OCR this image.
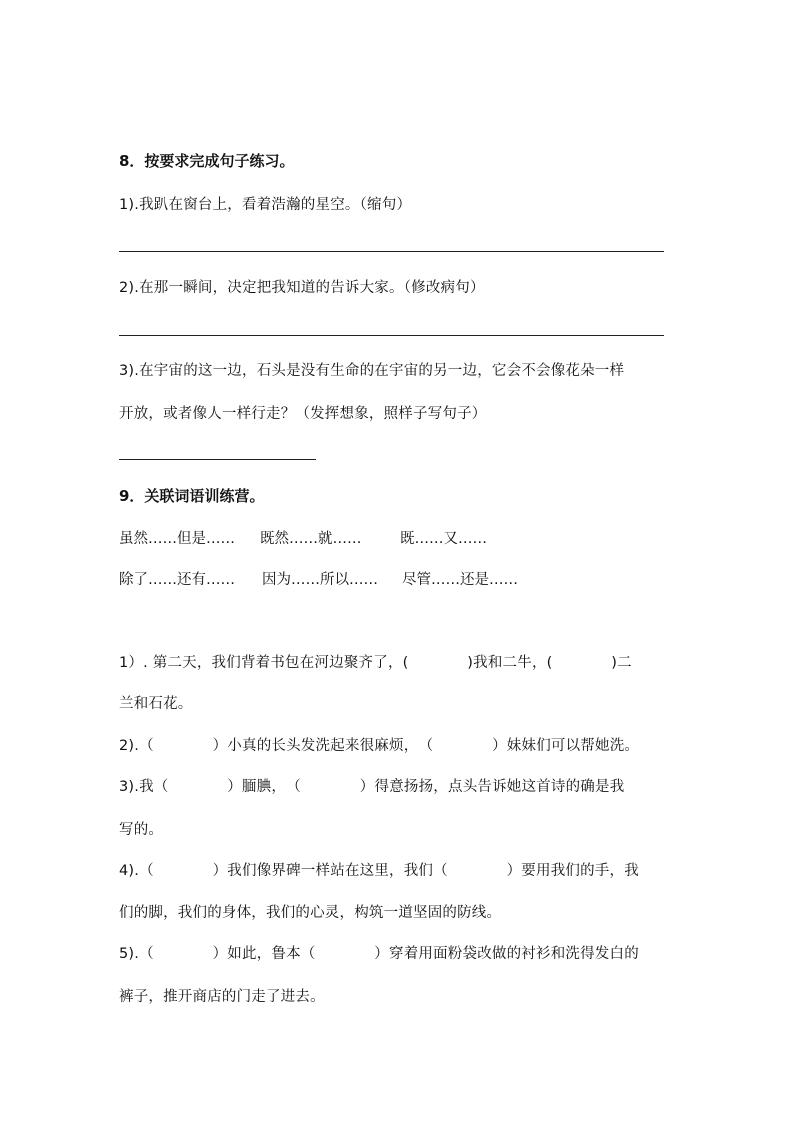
8．按要求完成句子练习。
1).我趴在窗台上，看着浩瀚的星空。（缩句）
2).在那一瞬间，决定把我知道的告诉大家。（修改病句）
3).在宇宙的这一边，石头是没有生命的在宇宙的另一边，它会不会像花朵一样
开放，或者像人一样行走？（发挥想象，照样子写句子）
9．关联词语训练营。
虽然……但是…… 既然……就……	既……又……
除了……还有…… 因为……所以…… 尽管……还是……
1）. 第二天，我们背着书包在河边聚齐了，(　　　　)我和二牛，(　　　　)二
兰和石花。
2).（　　　　）小真的长头发洗起来很麻烦，　（　　　　）妹妹们可以帮她洗。
3).我（　　　　）腼腆，　（　　　　）得意扬扬，点头告诉她这首诗的确是我
写的。
4).（　　　　）我们像界碑一样站在这里，我们（　　　　）要用我们的手，我
们的脚，我们的身体，我们的心灵，构筑一道坚固的防线。
5).（　　　　）如此，鲁本（　　　　）穿着用面粉袋改做的衬衫和洗得发白的
裤子，推开商店的门走了进去。
